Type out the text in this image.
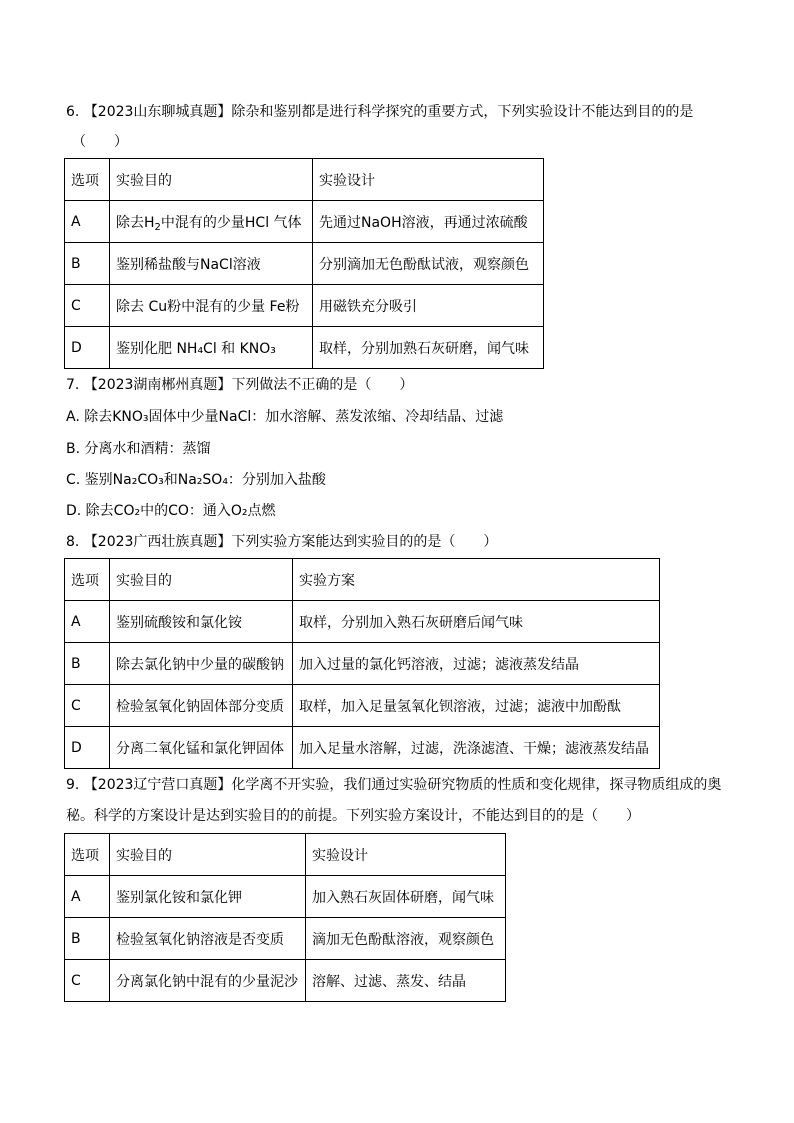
6. 【2023山东聊城真题】除杂和鉴别都是进行科学探究的重要方式，下列实验设计不能达到目的的是
（　　）
选项	实验目的	实验设计
A	除去$H_2$中混有的少量HCl 气体	先通过NaOH溶液，再通过浓硫酸
B	鉴别稀盐酸与NaCl溶液	分别滴加无色酚酞试液，观察颜色
C	除去 Cu粉中混有的少量 Fe粉	用磁铁充分吸引
D	鉴别化肥 NH₄Cl 和 KNO₃	取样，分别加熟石灰研磨，闻气味
7. 【2023湖南郴州真题】下列做法不正确的是（　　）
A. 除去KNO₃固体中少量NaCl：加水溶解、蒸发浓缩、冷却结晶、过滤
B. 分离水和酒精：蒸馏
C. 鉴别Na₂CO₃和Na₂SO₄：分别加入盐酸
D. 除去CO₂中的CO：通入O₂点燃
8. 【2023广西壮族真题】下列实验方案能达到实验目的的是（　　）
选项	实验目的	实验方案
A	鉴别硫酸铵和氯化铵	取样，分别加入熟石灰研磨后闻气味
B	除去氯化钠中少量的碳酸钠	加入过量的氯化钙溶液，过滤；滤液蒸发结晶
C	检验氢氧化钠固体部分变质	取样，加入足量氢氧化钡溶液，过滤；滤液中加酚酞
D	分离二氧化锰和氯化钾固体	加入足量水溶解，过滤，洗涤滤渣、干燥；滤液蒸发结晶
9. 【2023辽宁营口真题】化学离不开实验，我们通过实验研究物质的性质和变化规律，探寻物质组成的奥
秘。科学的方案设计是达到实验目的的前提。下列实验方案设计，不能达到目的的是（　　）
选项	实验目的	实验设计
A	鉴别氯化铵和氯化钾	加入熟石灰固体研磨，闻气味
B	检验氢氧化钠溶液是否变质	滴加无色酚酞溶液，观察颜色
C	分离氯化钠中混有的少量泥沙	溶解、过滤、蒸发、结晶
